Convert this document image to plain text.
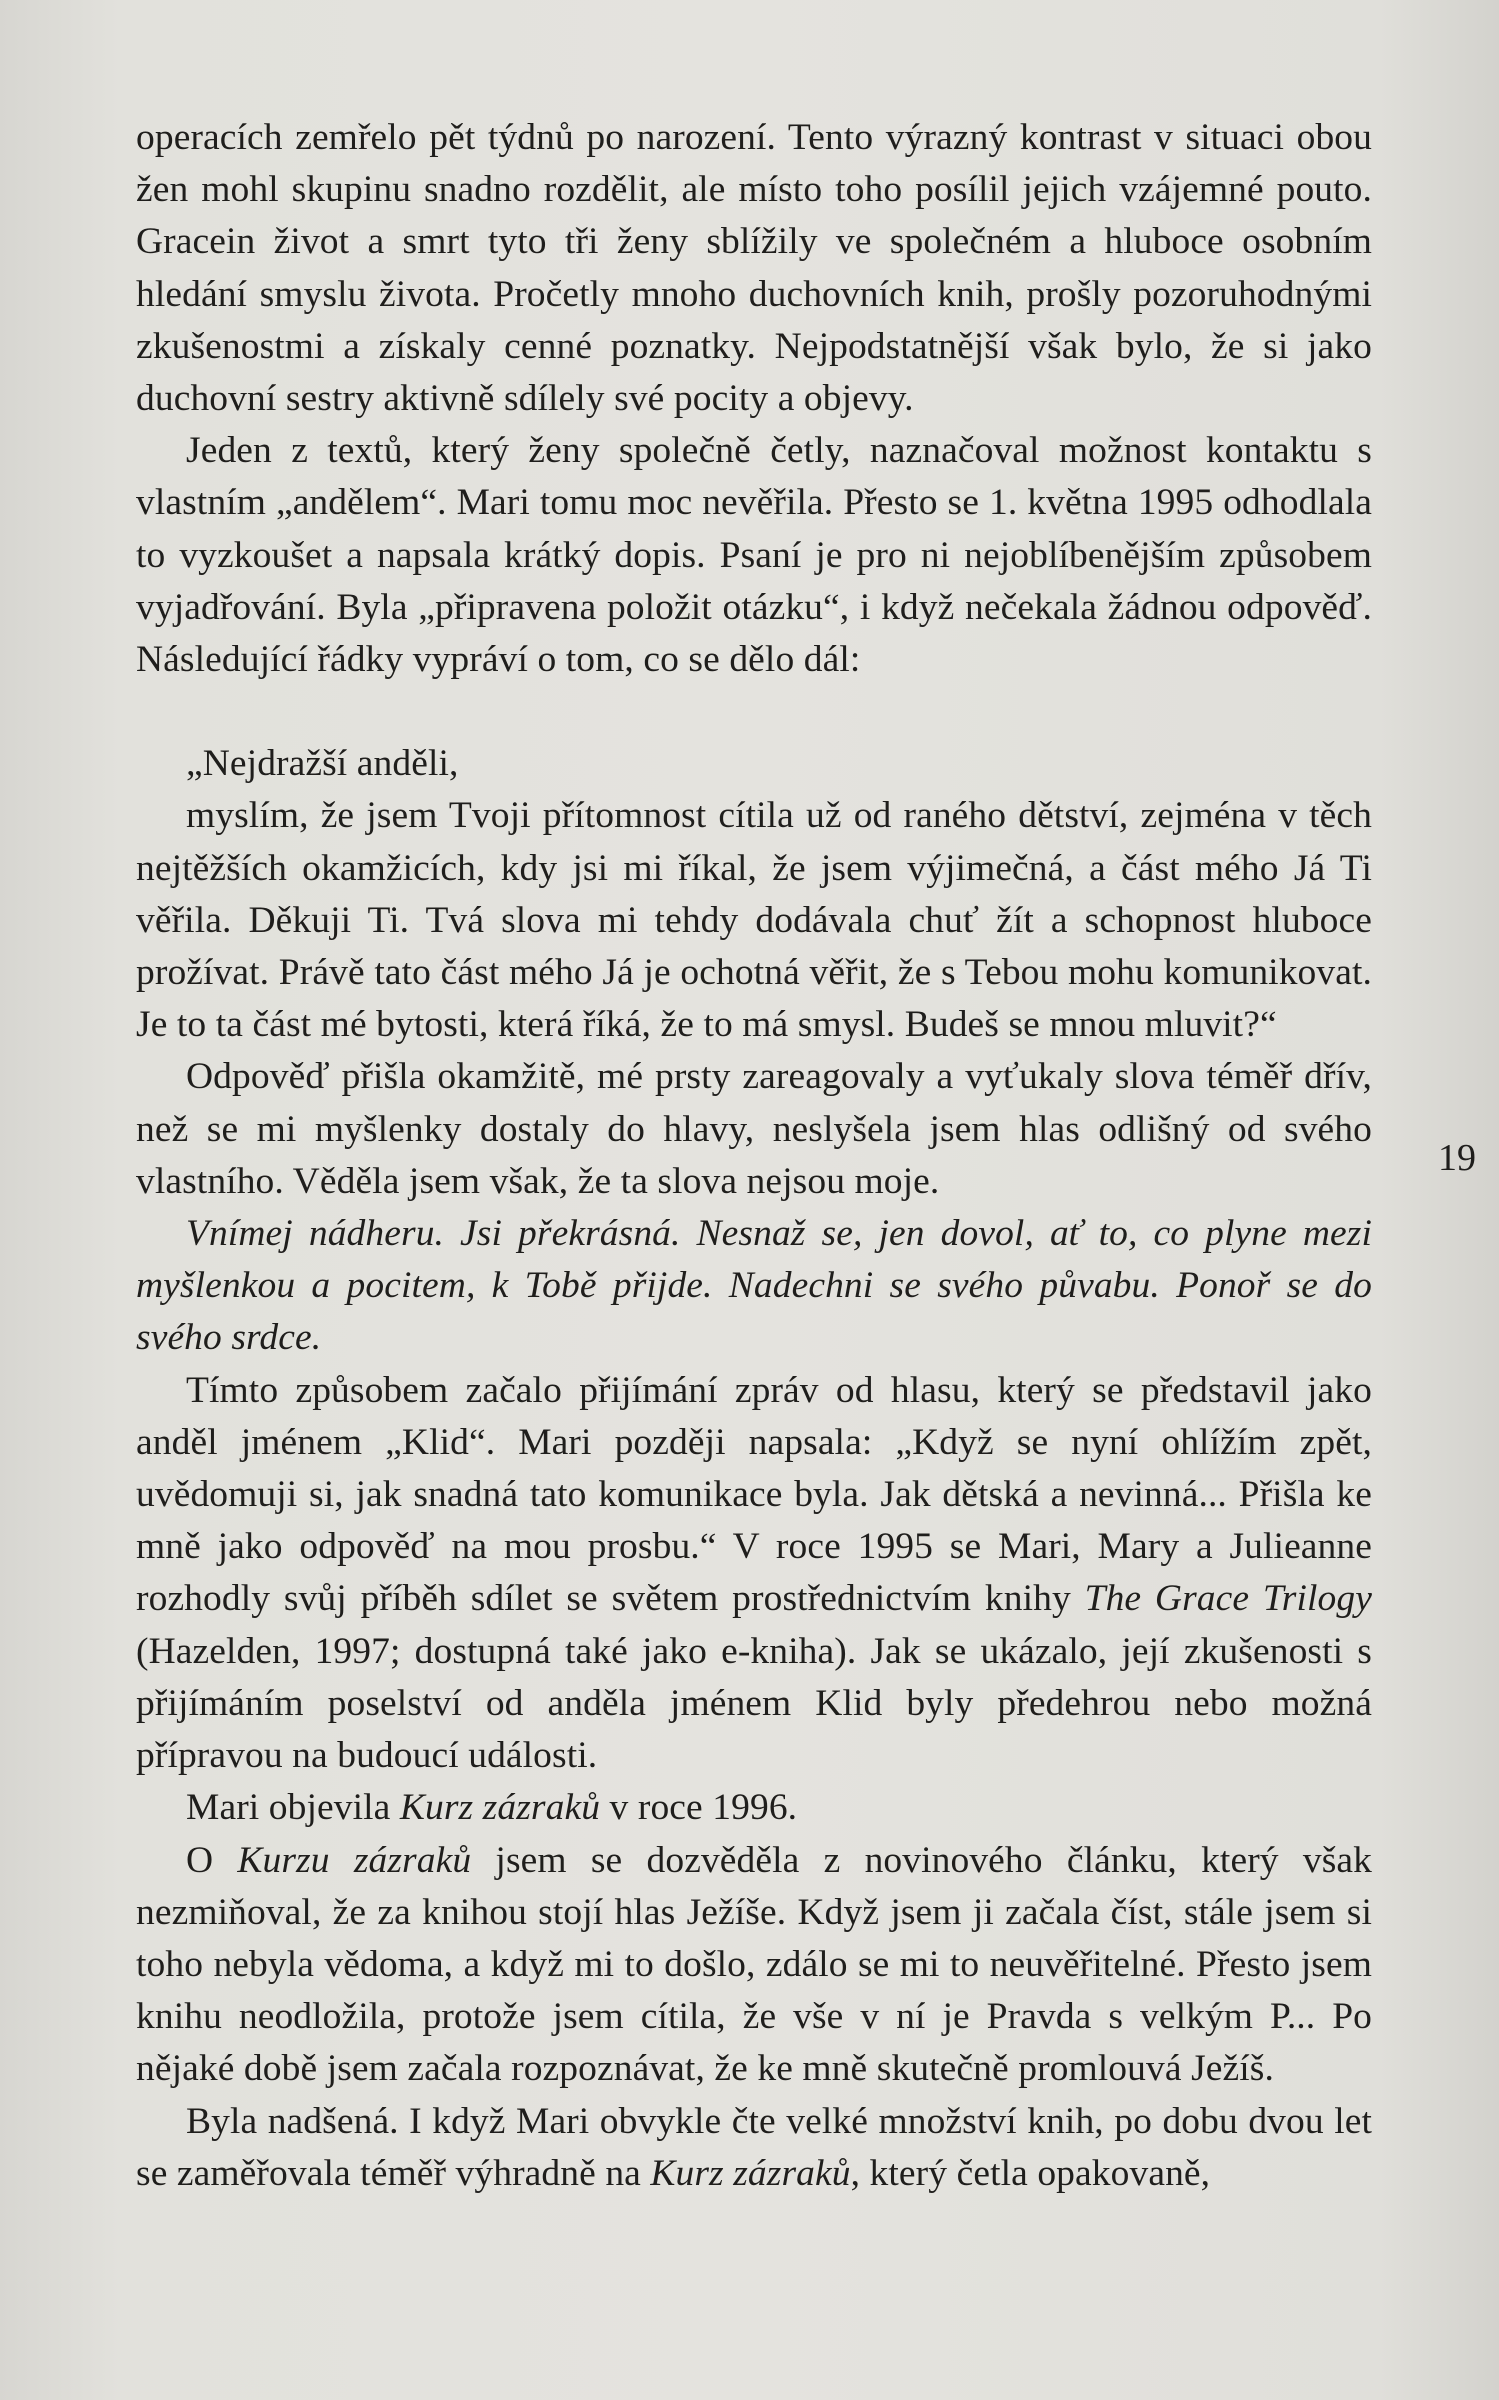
operacích zemřelo pět týdnů po narození. Tento výrazný kontrast v situaci obou žen mohl skupinu snadno rozdělit, ale místo toho posílil jejich vzájemné pouto. Gracein život a smrt tyto tři ženy sblížily ve společném a hluboce osobním hledání smyslu života. Pročetly mnoho duchovních knih, prošly pozoruhodnými zkušenostmi a získaly cenné poznatky. Nejpodstatnější však bylo, že si jako duchovní sestry aktivně sdílely své pocity a objevy.

Jeden z textů, který ženy společně četly, naznačoval možnost kontaktu s vlastním „andělem“. Mari tomu moc nevěřila. Přesto se 1. května 1995 odhodlala to vyzkoušet a napsala krátký dopis. Psaní je pro ni nejoblíbenějším způsobem vyjadřování. Byla „připravena položit otázku“, i když nečekala žádnou odpověď. Následující řádky vypráví o tom, co se dělo dál:

„Nejdražší anděli,

myslím, že jsem Tvoji přítomnost cítila už od raného dětství, zejména v těch nejtěžších okamžicích, kdy jsi mi říkal, že jsem výjimečná, a část mého Já Ti věřila. Děkuji Ti. Tvá slova mi tehdy dodávala chuť žít a schopnost hluboce prožívat. Právě tato část mého Já je ochotná věřit, že s Tebou mohu komunikovat. Je to ta část mé bytosti, která říká, že to má smysl. Budeš se mnou mluvit?“

Odpověď přišla okamžitě, mé prsty zareagovaly a vyťukaly slova téměř dřív, než se mi myšlenky dostaly do hlavy, neslyšela jsem hlas odlišný od svého vlastního. Věděla jsem však, že ta slova nejsou moje.

Vnímej nádheru. Jsi překrásná. Nesnaž se, jen dovol, ať to, co plyne mezi myšlenkou a pocitem, k Tobě přijde. Nadechni se svého půvabu. Ponoř se do svého srdce.

Tímto způsobem začalo přijímání zpráv od hlasu, který se představil jako anděl jménem „Klid“. Mari později napsala: „Když se nyní ohlížím zpět, uvědomuji si, jak snadná tato komunikace byla. Jak dětská a nevinná... Přišla ke mně jako odpověď na mou prosbu.“ V roce 1995 se Mari, Mary a Julieanne rozhodly svůj příběh sdílet se světem prostřednictvím knihy The Grace Trilogy (Hazelden, 1997; dostupná také jako e-kniha). Jak se ukázalo, její zkušenosti s přijímáním poselství od anděla jménem Klid byly předehrou nebo možná přípravou na budoucí události.

Mari objevila Kurz zázraků v roce 1996.

O Kurzu zázraků jsem se dozvěděla z novinového článku, který však nezmiňoval, že za knihou stojí hlas Ježíše. Když jsem ji začala číst, stále jsem si toho nebyla vědoma, a když mi to došlo, zdálo se mi to neuvěřitelné. Přesto jsem knihu neodložila, protože jsem cítila, že vše v ní je Pravda s velkým P... Po nějaké době jsem začala rozpoznávat, že ke mně skutečně promlouvá Ježíš.

Byla nadšená. I když Mari obvykle čte velké množství knih, po dobu dvou let se zaměřovala téměř výhradně na Kurz zázraků, který četla opakovaně,

19
